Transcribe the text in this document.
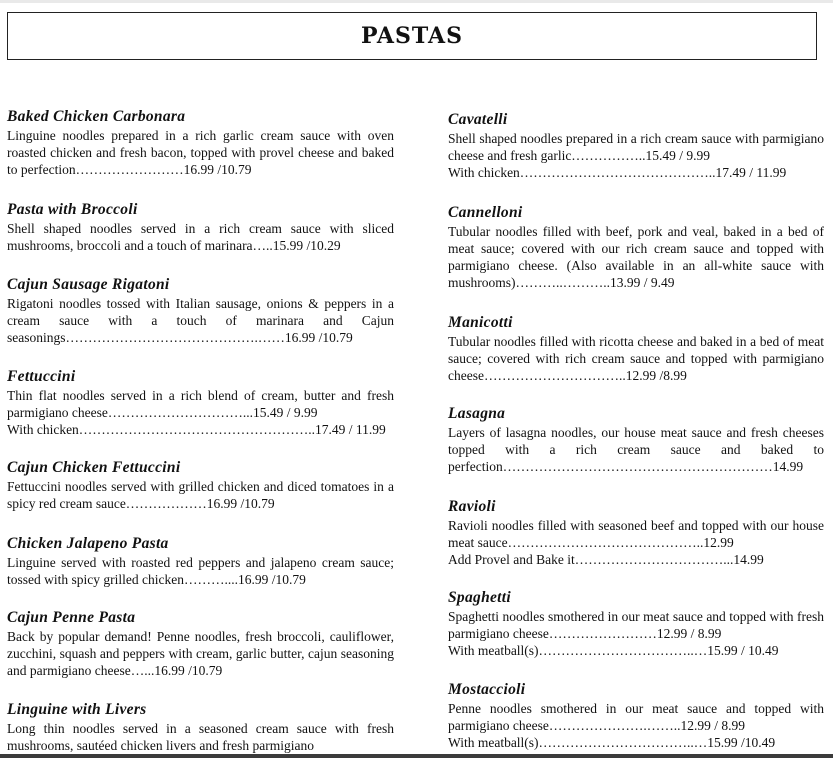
PASTAS
Baked Chicken Carbonara
Linguine noodles prepared in a rich garlic cream sauce with oven roasted chicken and fresh bacon, topped with provel cheese and baked to perfection……………………16.99 /10.79
Pasta with Broccoli
Shell shaped noodles served in a rich cream sauce with sliced mushrooms, broccoli and a touch of marinara…..15.99 /10.29
Cajun Sausage Rigatoni
Rigatoni noodles tossed with Italian sausage, onions & peppers in a cream sauce with a touch of marinara and Cajun seasonings…………………………………….……16.99 /10.79
Fettuccini
Thin flat noodles served in a rich blend of cream, butter and fresh parmigiano cheese…………………………...15.49 / 9.99
With chicken……………………………………………..17.49 / 11.99
Cajun Chicken Fettuccini
Fettuccini noodles served with grilled chicken and diced tomatoes in a spicy red cream sauce………………16.99 /10.79
Chicken Jalapeno Pasta
Linguine served with roasted red peppers and jalapeno cream sauce; tossed with spicy grilled chicken………....16.99 /10.79
Cajun Penne Pasta
Back by popular demand! Penne noodles, fresh broccoli, cauliflower, zucchini, squash and peppers with cream, garlic butter, cajun seasoning and parmigiano cheese…...16.99 /10.79
Linguine with Livers
Long thin noodles served in a seasoned cream sauce with fresh mushrooms, sautéed chicken livers and fresh parmigiano
Cavatelli
Shell shaped noodles prepared in a rich cream sauce with parmigiano cheese and fresh garlic……………..15.49 / 9.99
With chicken……………………………………..17.49 / 11.99
Cannelloni
Tubular noodles filled with beef, pork and veal, baked in a bed of meat sauce; covered with our rich cream sauce and topped with parmigiano cheese. (Also available in an all-white sauce with mushrooms)………..………..13.99 / 9.49
Manicotti
Tubular noodles filled with ricotta cheese and baked in a bed of meat sauce; covered with rich cream sauce and topped with parmigiano cheese…………………………..12.99 /8.99
Lasagna
Layers of lasagna noodles, our house meat sauce and fresh cheeses topped with a rich cream sauce and baked to perfection……………………………………………………14.99
Ravioli
Ravioli noodles filled with seasoned beef and topped with our house meat sauce……………………………………..12.99
Add Provel and Bake it……………………………...14.99
Spaghetti
Spaghetti noodles smothered in our meat sauce and topped with fresh parmigiano cheese……………………12.99 / 8.99
With meatball(s)……………………………..…15.99 / 10.49
Mostaccioli
Penne noodles smothered in our meat sauce and topped with parmigiano cheese………………….……..12.99 / 8.99
With meatball(s)……………………………..…15.99 /10.49
